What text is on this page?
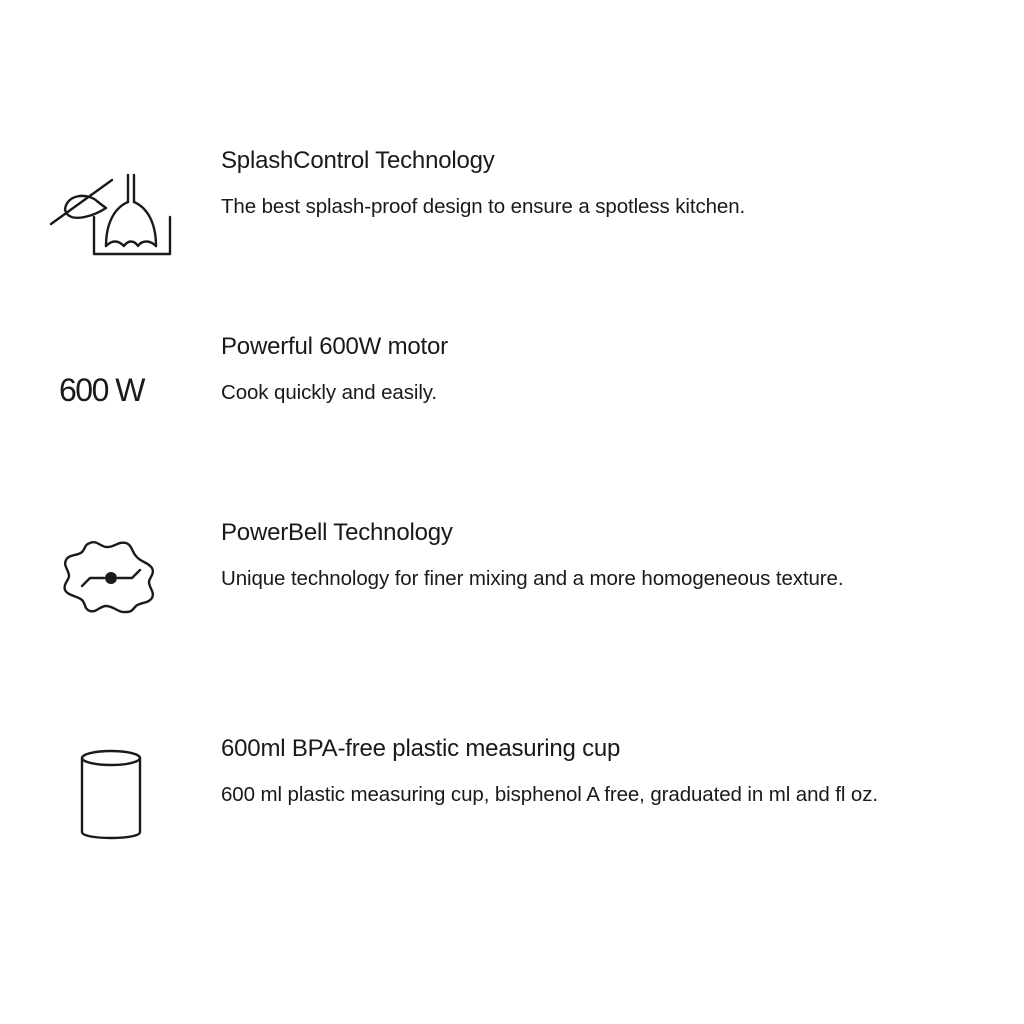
SplashControl Technology

The best splash-proof design to ensure a spotless kitchen.

600 W
Powerful 600W motor

Cook quickly and easily.

PowerBell Technology

Unique technology for finer mixing and a more homogeneous texture.

600ml BPA-free plastic measuring cup

600 ml plastic measuring cup, bisphenol A free, graduated in ml and fl oz.
